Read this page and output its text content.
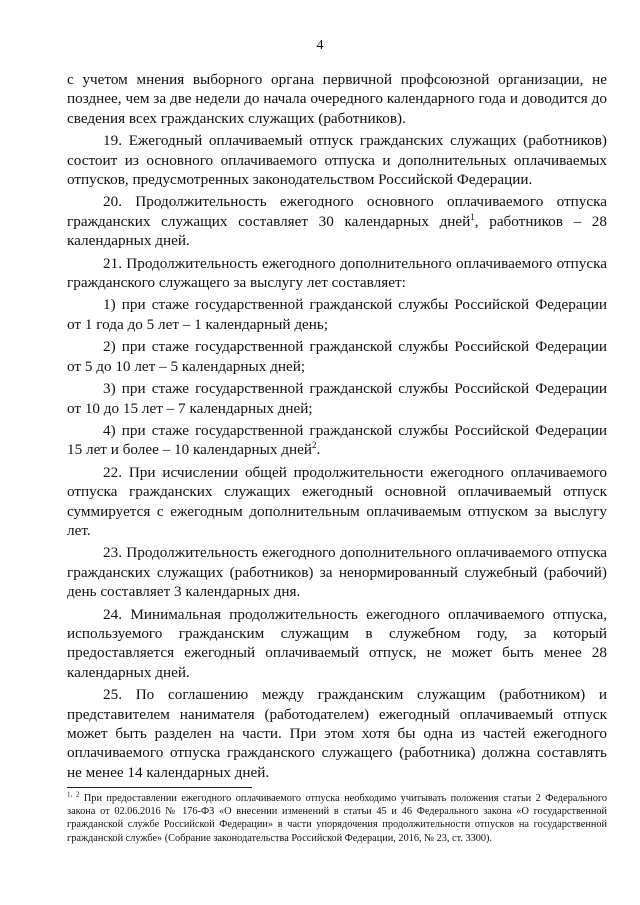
4

с учетом мнения выборного органа первичной профсоюзной организации, не позднее, чем за две недели до начала очередного календарного года и доводится до сведения всех гражданских служащих (работников).

19. Ежегодный оплачиваемый отпуск гражданских служащих (работников) состоит из основного оплачиваемого отпуска и дополнительных оплачиваемых отпусков, предусмотренных законодательством Российской Федерации.

20. Продолжительность ежегодного основного оплачиваемого отпуска гражданских служащих составляет 30 календарных дней$^1$, работников – 28 календарных дней.

21. Продолжительность ежегодного дополнительного оплачиваемого отпуска гражданского служащего за выслугу лет составляет:

1) при стаже государственной гражданской службы Российской Федерации от 1 года до 5 лет – 1 календарный день;

2) при стаже государственной гражданской службы Российской Федерации от 5 до 10 лет – 5 календарных дней;

3) при стаже государственной гражданской службы Российской Федерации от 10 до 15 лет – 7 календарных дней;

4) при стаже государственной гражданской службы Российской Федерации 15 лет и более – 10 календарных дней$^2$.

22. При исчислении общей продолжительности ежегодного оплачиваемого отпуска гражданских служащих ежегодный основной оплачиваемый отпуск суммируется с ежегодным дополнительным оплачиваемым отпуском за выслугу лет.

23. Продолжительность ежегодного дополнительного оплачиваемого отпуска гражданских служащих (работников) за ненормированный служебный (рабочий) день составляет 3 календарных дня.

24. Минимальная продолжительность ежегодного оплачиваемого отпуска, используемого гражданским служащим в служебном году, за который предоставляется ежегодный оплачиваемый отпуск, не может быть менее 28 календарных дней.

25. По соглашению между гражданским служащим (работником) и представителем нанимателя (работодателем) ежегодный оплачиваемый отпуск может быть разделен на части. При этом хотя бы одна из частей ежегодного оплачиваемого отпуска гражданского служащего (работника) должна составлять не менее 14 календарных дней.

$^{1, 2}$ При предоставлении ежегодного оплачиваемого отпуска необходимо учитывать положения статьи 2 Федерального закона от 02.06.2016 № 176-ФЗ «О внесении изменений в статьи 45 и 46 Федерального закона «О государственной гражданской службе Российской Федерации» в части упорядочения продолжительности отпусков на государственной гражданской службе» (Собрание законодательства Российской Федерации, 2016, № 23, ст. 3300).
